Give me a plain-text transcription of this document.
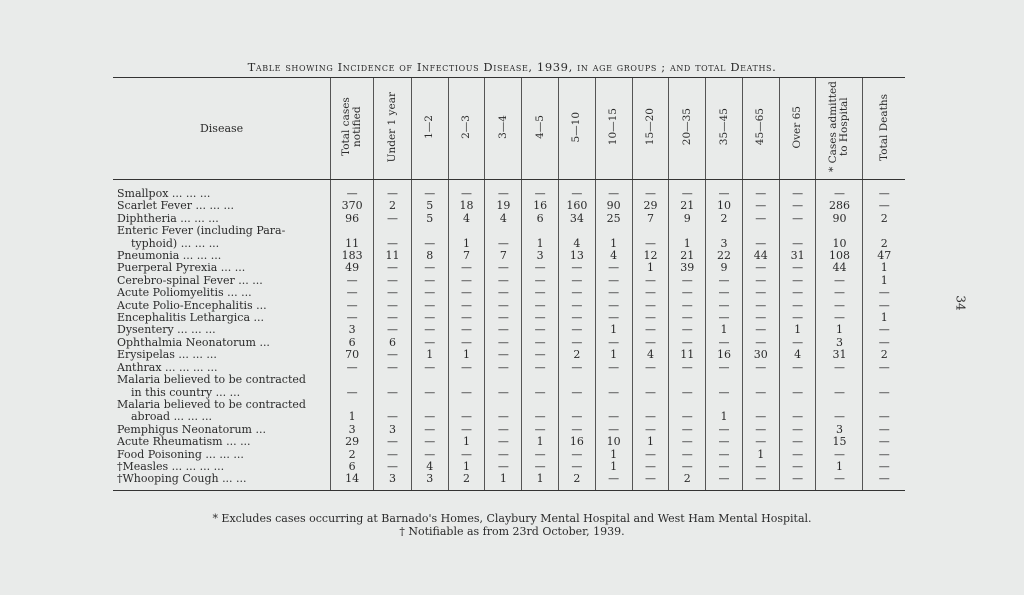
Table showing Incidence of Infectious Disease, 1939, in age groups ; and total Deaths.
34
Disease	Total cases notified	Under 1 year	1—2	2—3	3—4	4—5	5—10	10—15	15—20	20—35	35—45	45—65	Over 65	* Cases admitted to Hospital	Total Deaths

Smallpox ... ... ...	—	—	—	—	—	—	—	—	—	—	—	—	—	—	—
Scarlet Fever ... ... ...	370	2	5	18	19	16	160	90	29	21	10	—	—	286	—
Diphtheria ... ... ...	96	—	5	4	4	6	34	25	7	9	2	—	—	90	2
Enteric Fever (including Para-															
typhoid) ... ... ...	11	—	—	1	—	1	4	1	—	1	3	—	—	10	2
Pneumonia ... ... ...	183	11	8	7	7	3	13	4	12	21	22	44	31	108	47
Puerperal Pyrexia ... ...	49	—	—	—	—	—	—	—	1	39	9	—	—	44	1
Cerebro-spinal Fever ... ...	—	—	—	—	—	—	—	—	—	—	—	—	—	—	1
Acute Poliomyelitis ... ...	—	—	—	—	—	—	—	—	—	—	—	—	—	—	—
Acute Polio-Encephalitis ...	—	—	—	—	—	—	—	—	—	—	—	—	—	—	—
Encephalitis Lethargica ...	—	—	—	—	—	—	—	—	—	—	—	—	—	—	1
Dysentery ... ... ...	3	—	—	—	—	—	—	1	—	—	1	—	1	1	—
Ophthalmia Neonatorum ...	6	6	—	—	—	—	—	—	—	—	—	—	—	3	—
Erysipelas ... ... ...	70	—	1	1	—	—	2	1	4	11	16	30	4	31	2
Anthrax ... ... ... ...	—	—	—	—	—	—	—	—	—	—	—	—	—	—	—
Malaria believed to be contracted															
in this country ... ...	—	—	—	—	—	—	—	—	—	—	—	—	—	—	—
Malaria believed to be contracted															
abroad ... ... ...	1	—	—	—	—	—	—	—	—	—	1	—	—	—	—
Pemphigus Neonatorum ...	3	3	—	—	—	—	—	—	—	—	—	—	—	3	—
Acute Rheumatism ... ...	29	—	—	1	—	1	16	10	1	—	—	—	—	15	—
Food Poisoning ... ... ...	2	—	—	—	—	—	—	1	—	—	—	1	—	—	—
†Measles ... ... ... ...	6	—	4	1	—	—	—	1	—	—	—	—	—	1	—
†Whooping Cough ... ...	14	3	3	2	1	1	2	—	—	2	—	—	—	—	—
* Excludes cases occurring at Barnado's Homes, Claybury Mental Hospital and West Ham Mental Hospital.
† Notifiable as from 23rd October, 1939.
